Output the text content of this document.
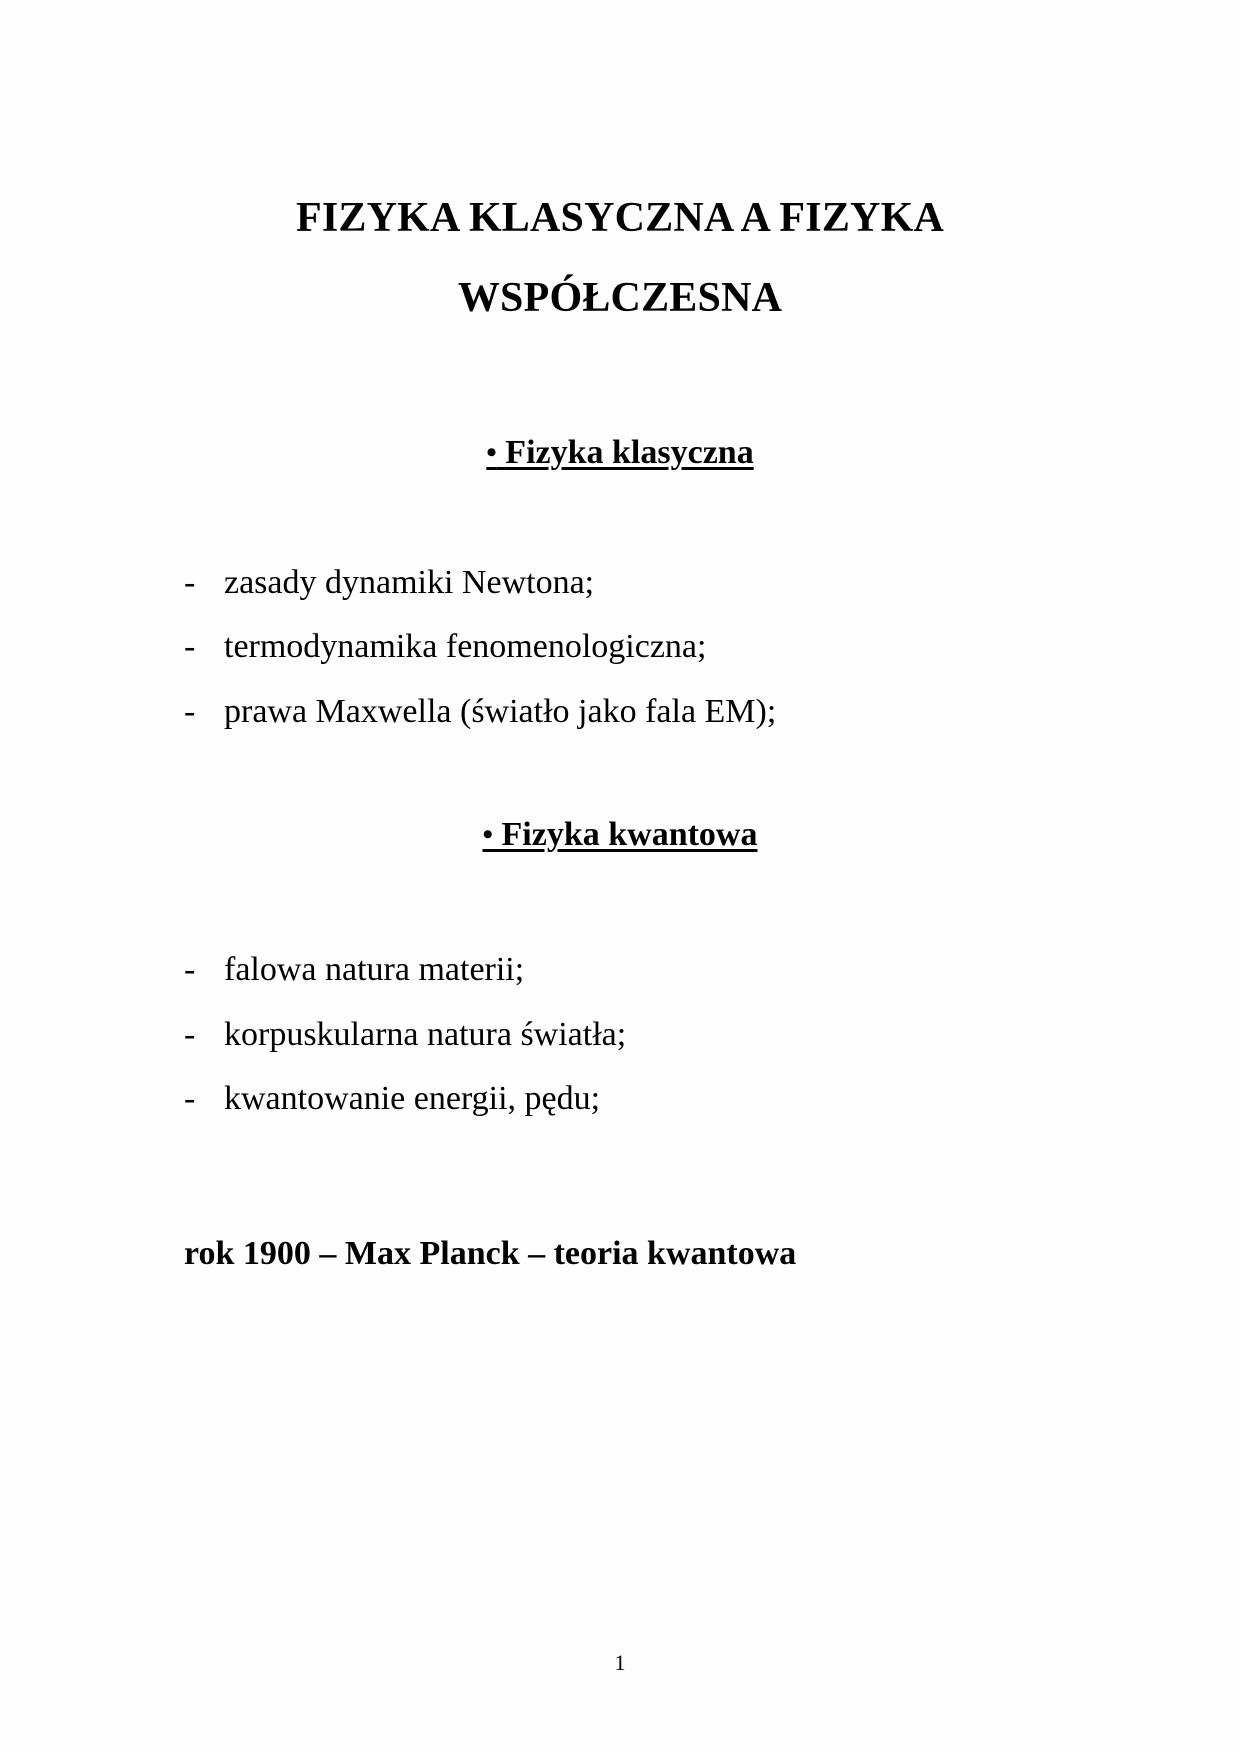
FIZYKA KLASYCZNA A FIZYKA
WSPÓŁCZESNA
• Fizyka klasyczna
- zasady dynamiki Newtona;
- termodynamika fenomenologiczna;
- prawa Maxwella (światło jako fala EM);
• Fizyka kwantowa
- falowa natura materii;
- korpuskularna natura światła;
- kwantowanie energii, pędu;

rok 1900 – Max Planck – teoria kwantowa

1
